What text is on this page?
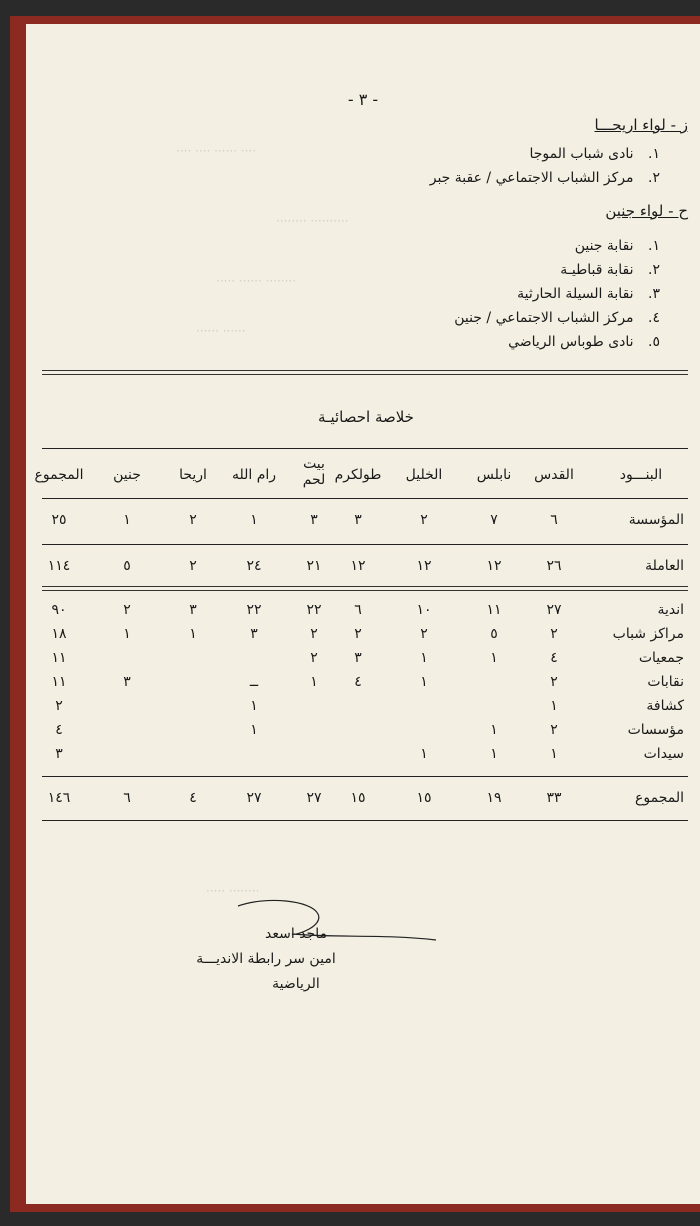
···· ······ ···· ····
·········· ········
········ ······ ·····
······ ······
········ ·····
- ٣ -
ز - لواء اريحـــا
١. نادى شباب الموجا
٢. مركز الشباب الاجتماعي / عقبة جبر
ح - لواء جنين
١. نقابة جنين
٢. نقابة قباطيـة
٣. نقابة السيلة الحارثية
٤. مركز الشباب الاجتماعي / جنين
٥. نادى طوباس الرياضي
خلاصة احصائيـة
البنـــود
القدس
نابلس
الخليل
طولكرم
بيت
لحم
رام الله
اريحا
جنين
المجموع
المؤسسة
٦
٧
٢
٣
٣
١
٢
١
٢٥
العاملة
٢٦
١٢
١٢
١٢
٢١
٢٤
٢
٥
١١٤
اندية
٢٧
١١
١٠
٦
٢٢
٢٢
٣
٢
٩٠
مراكز شباب
٢
٥
٢
٢
٢
٣
١
١
١٨
جمعيات
٤
١
١
٣
٢
١١
نقابات
٢
١
٤
١
ــ
٣
١١
كشافة
١
١
٢
مؤسسات
٢
١
١
٤
سيدات
١
١
١
٣
المجموع
٣٣
١٩
١٥
١٥
٢٧
٢٧
٤
٦
١٤٦
ماجد اسعد
امين سر رابطة الانديـــة
الرياضية
